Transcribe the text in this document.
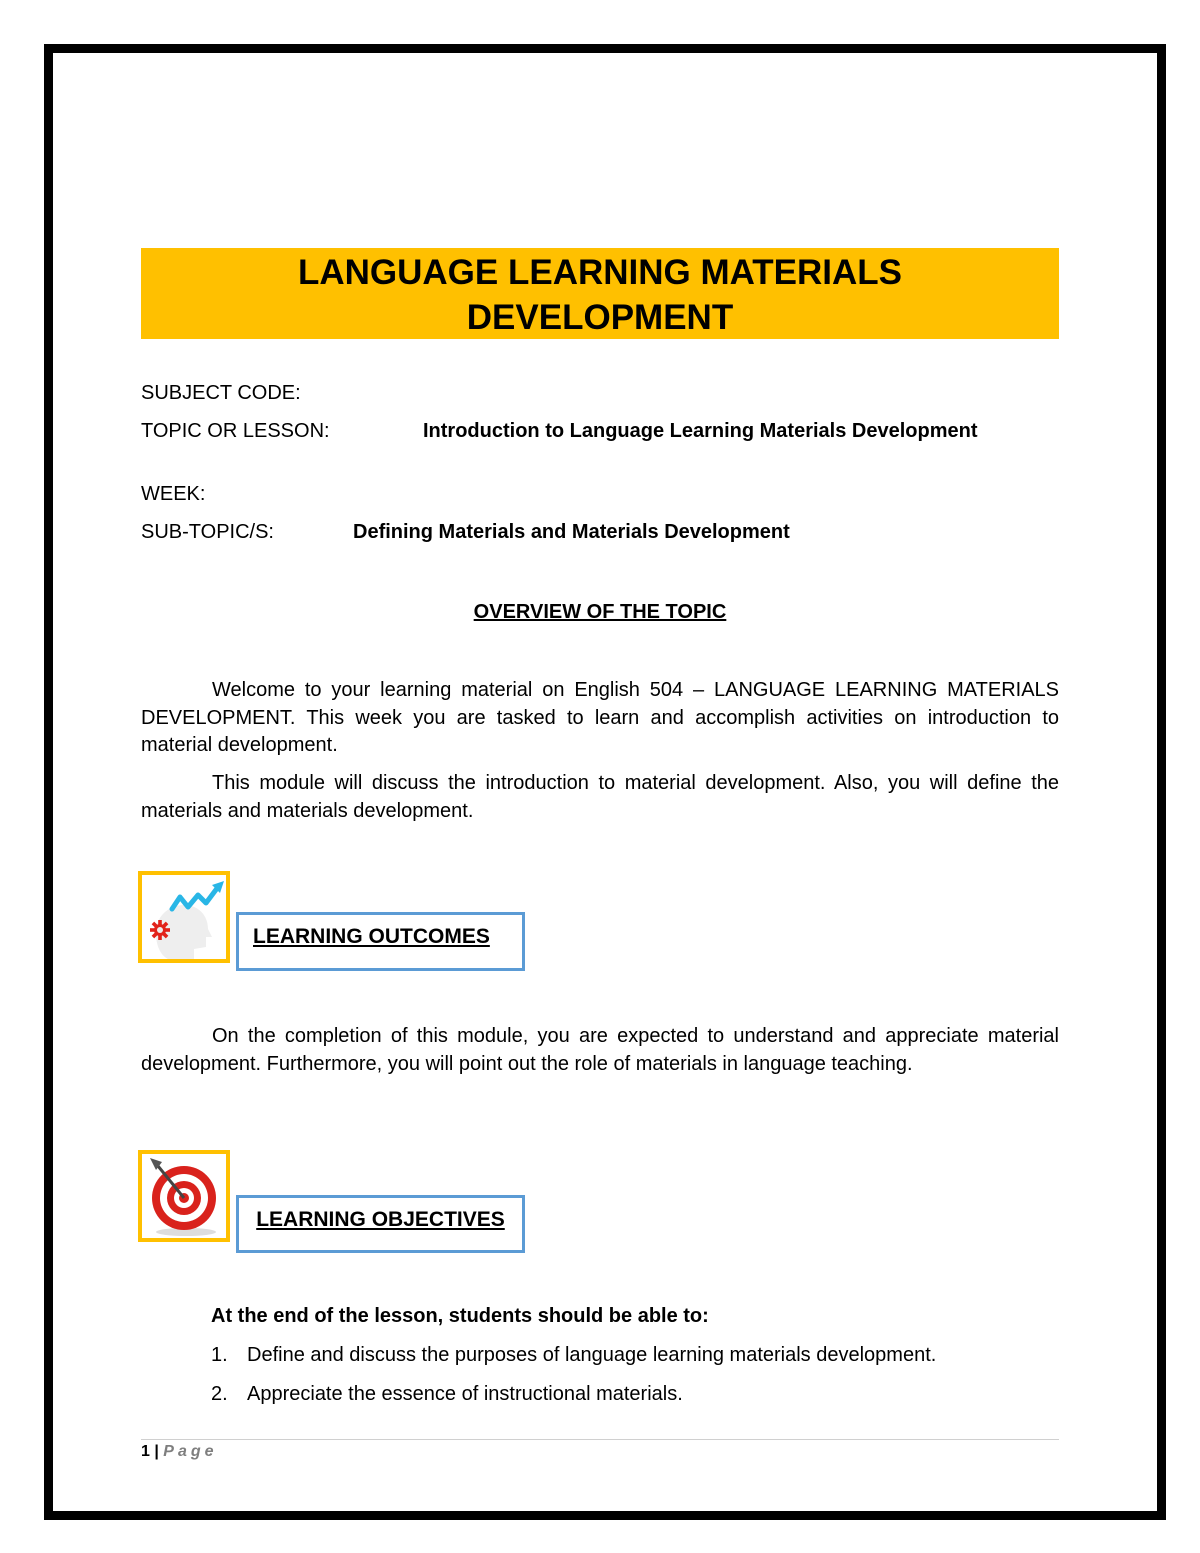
LANGUAGE LEARNING MATERIALS
DEVELOPMENT
SUBJECT CODE:
TOPIC OR LESSON:	Introduction to Language Learning Materials Development
WEEK:
SUB-TOPIC/S:	Defining Materials and Materials Development
OVERVIEW OF THE TOPIC

Welcome to your learning material on English 504 – LANGUAGE LEARNING MATERIALS DEVELOPMENT. This week you are tasked to learn and accomplish activities on introduction to material development.

This module will discuss the introduction to material development. Also, you will define the materials and materials development.

LEARNING OUTCOMES

On the completion of this module, you are expected to understand and appreciate material development. Furthermore, you will point out the role of materials in language teaching.

LEARNING OBJECTIVES
At the end of the lesson, students should be able to:
1. Define and discuss the purposes of language learning materials development.
2. Appreciate the essence of instructional materials.
1 | Page
